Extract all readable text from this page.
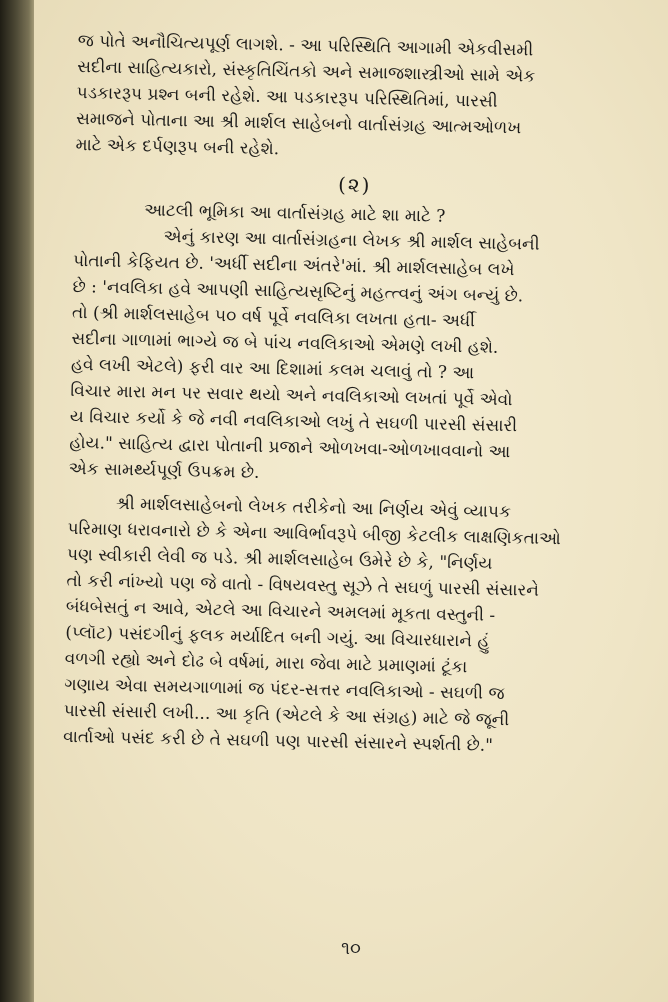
જ પોતે અનૌચિત્યપૂર્ણ લાગશે. - આ પરિસ્થિતિ આગામી એકવીસમી
સદીના સાહિત્યકારો, સંસ્કૃતિચિંતકો અને સમાજશાસ્ત્રીઓ સામે એક
પડકારરૂપ પ્રશ્ન બની રહેશે. આ પડકારરૂપ પરિસ્થિતિમાં, પારસી
સમાજને પોતાના આ શ્રી માર્શલ સાહેબનો વાર્તાસંગ્રહ આત્મઓળખ
માટે એક દર્પણરૂપ બની રહેશે.
(૨)
આટલી ભૂમિકા આ વાર્તાસંગ્રહ માટે શા માટે ?
એનું કારણ આ વાર્તાસંગ્રહના લેખક શ્રી માર્શલ સાહેબની
પોતાની કેફિયત છે. 'અર્ધી સદીના અંતરે'માં. શ્રી માર્શલસાહેબ લખે
છે : 'નવલિકા હવે આપણી સાહિત્યસૃષ્ટિનું મહત્ત્વનું અંગ બન્યું છે.
તો (શ્રી માર્શલસાહેબ ૫૦ વર્ષ પૂર્વે નવલિકા લખતા હતા- અર્ધી
સદીના ગાળામાં ભાગ્યે જ બે પાંચ નવલિકાઓ એમણે લખી હશે.
હવે લખી એટલે) ફરી વાર આ દિશામાં કલમ ચલાવું તો ? આ
વિચાર મારા મન પર સવાર થયો અને નવલિકાઓ લખતાં પૂર્વે એવો
ય વિચાર કર્યો કે જે નવી નવલિકાઓ લખું તે સઘળી પારસી સંસારી
હોય." સાહિત્ય દ્વારા પોતાની પ્રજાને ઓળખવા-ઓળખાવવાનો આ
એક સામર્થ્યપૂર્ણ ઉપક્રમ છે.
શ્રી માર્શલસાહેબનો લેખક તરીકેનો આ નિર્ણય એવું વ્યાપક
પરિમાણ ધરાવનારો છે કે એના આવિર્ભાવરૂપે બીજી કેટલીક લાક્ષણિકતાઓ
પણ સ્વીકારી લેવી જ પડે. શ્રી માર્શલસાહેબ ઉમેરે છે કે, "નિર્ણય
તો કરી નાંખ્યો પણ જે વાતો - વિષયવસ્તુ સૂઝે તે સઘળું પારસી સંસારને
બંધબેસતું ન આવે, એટલે આ વિચારને અમલમાં મૂકતા વસ્તુની -
(પ્લૉટ) પસંદગીનું ફલક મર્યાદિત બની ગયું. આ વિચારધારાને હું
વળગી રહ્યો અને દોઢ બે વર્ષમાં, મારા જેવા માટે પ્રમાણમાં ટૂંકા
ગણાય એવા સમયગાળામાં જ પંદર-સત્તર નવલિકાઓ - સઘળી જ
પારસી સંસારી લખી... આ કૃતિ (એટલે કે આ સંગ્રહ) માટે જે જૂની
વાર્તાઓ પસંદ કરી છે તે સઘળી પણ પારસી સંસારને સ્પર્શતી છે."
૧૦
